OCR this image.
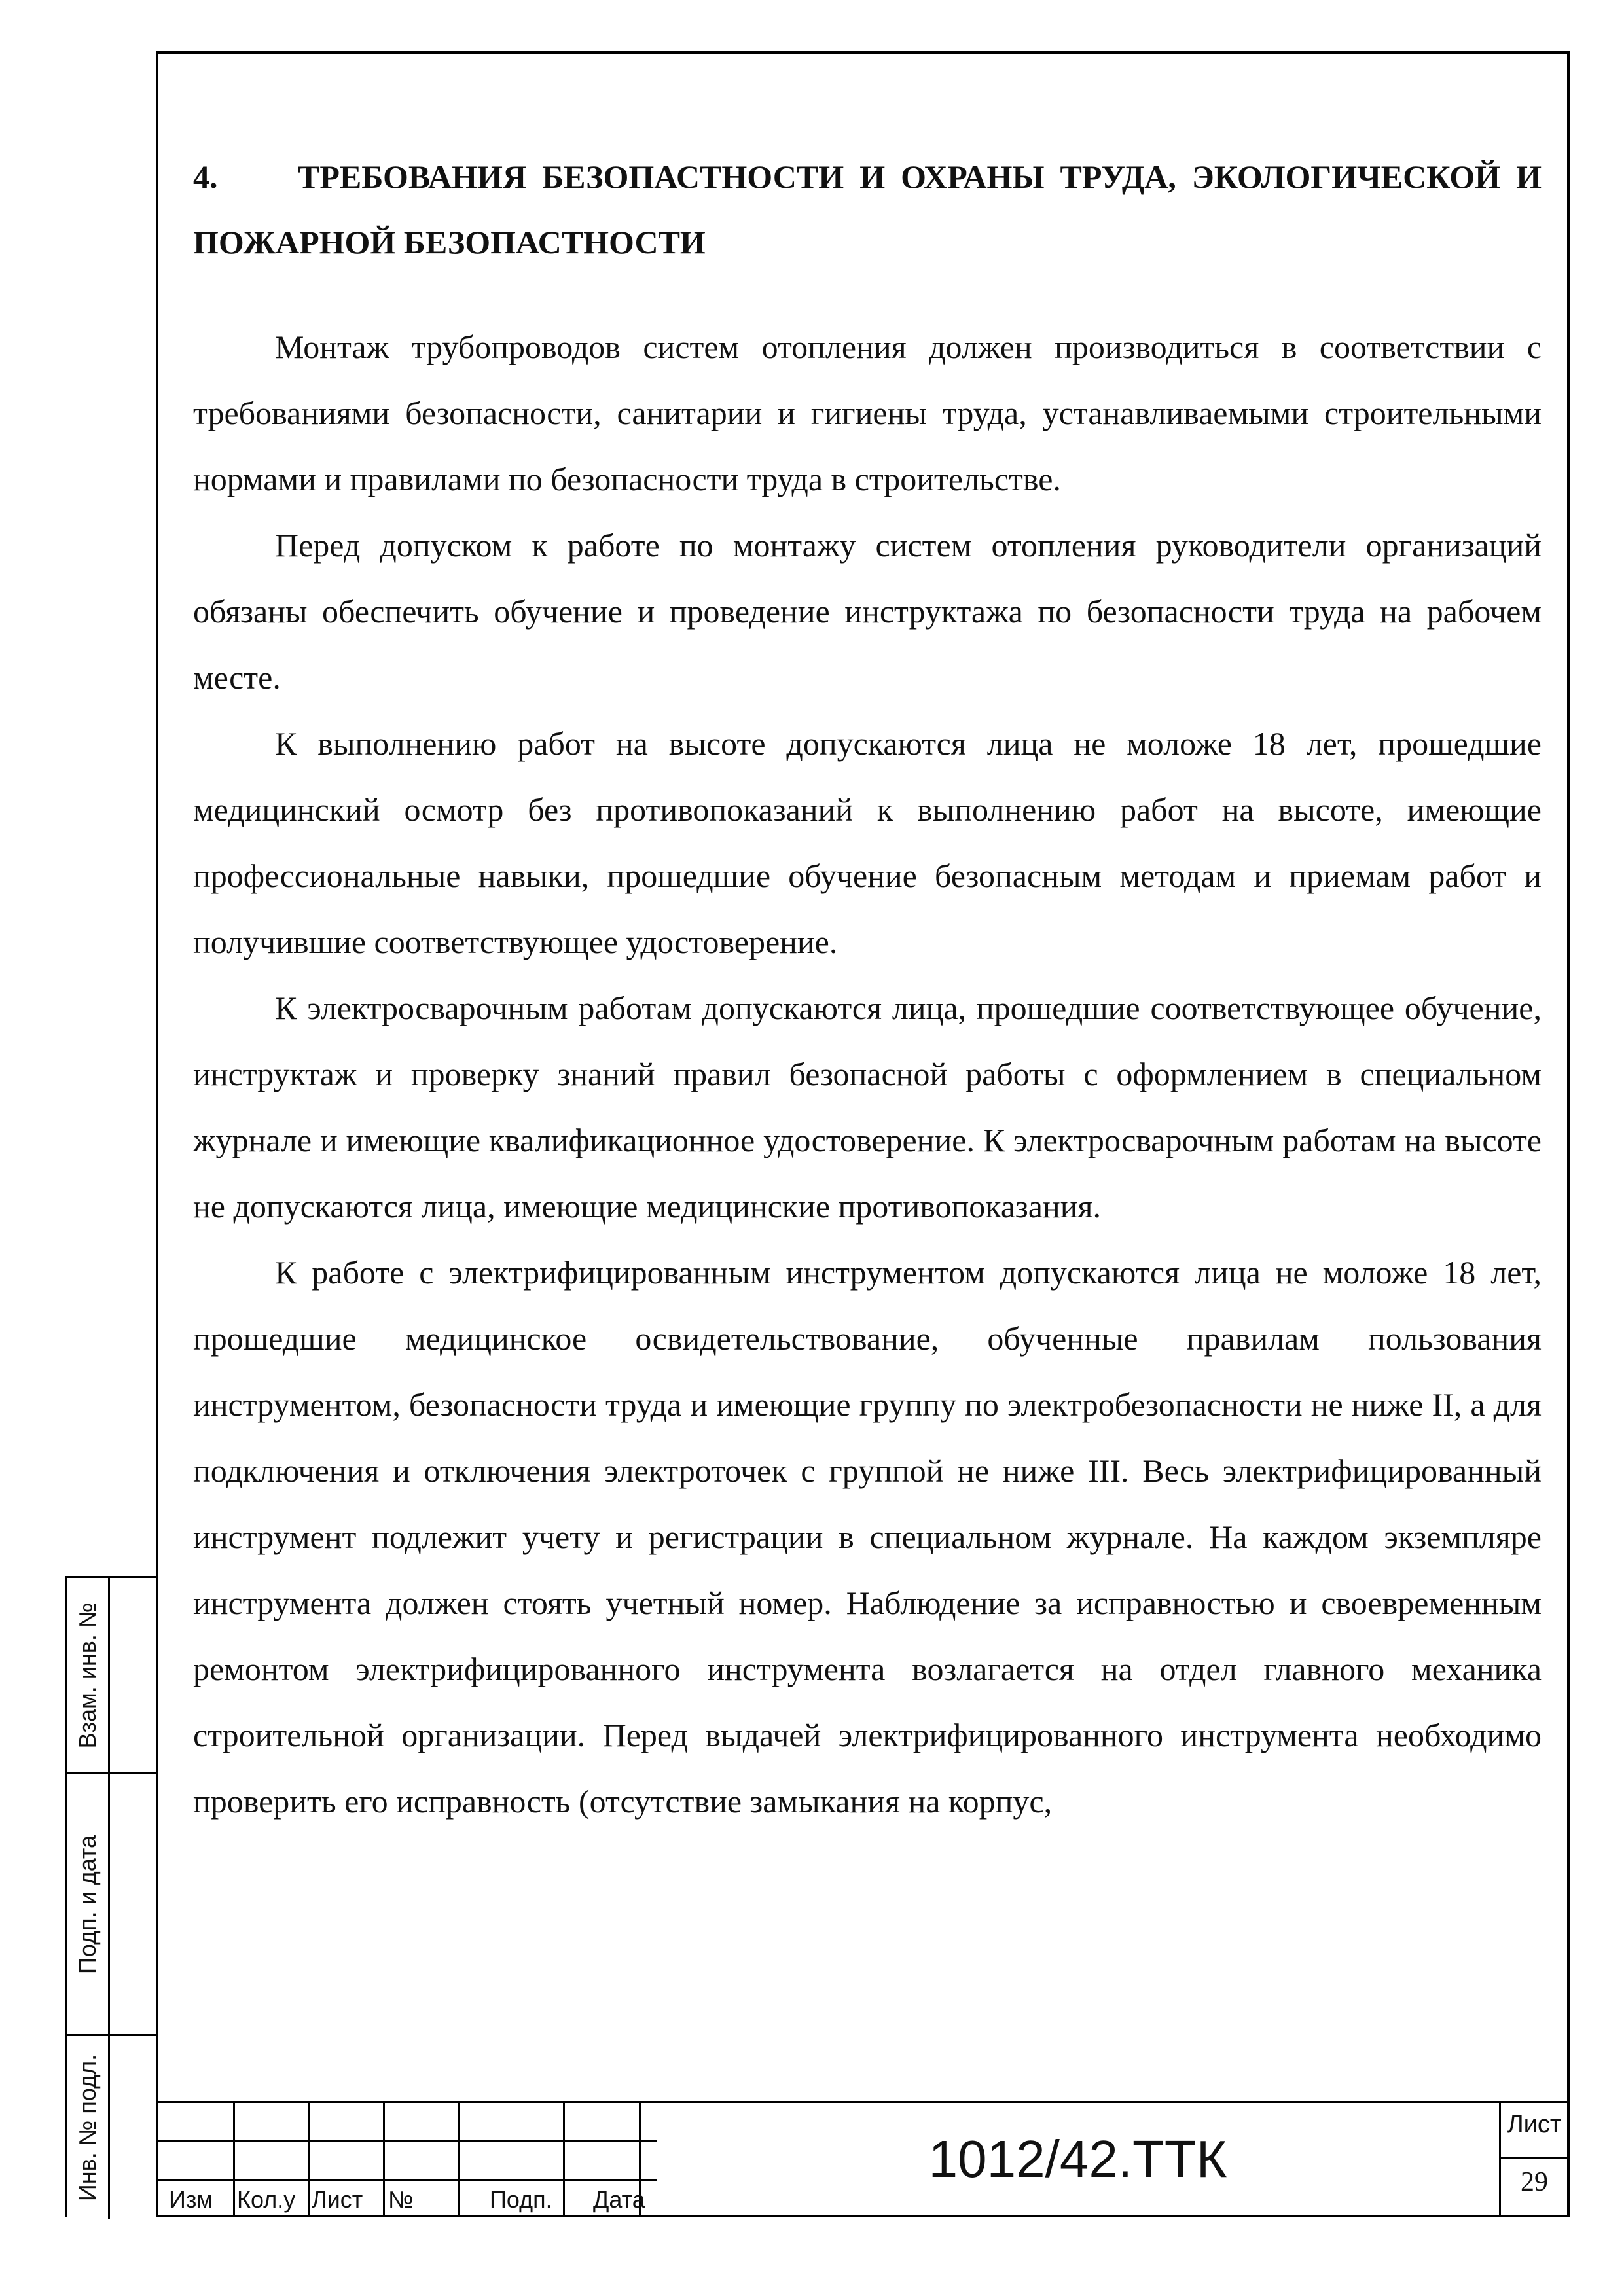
4. ТРЕБОВАНИЯ БЕЗОПАСТНОСТИ И ОХРАНЫ ТРУДА, ЭКОЛОГИЧЕСКОЙ И ПОЖАРНОЙ БЕЗОПАСТНОСТИ

Монтаж трубопроводов систем отопления должен производиться в соответствии с требованиями безопасности, санитарии и гигиены труда, устанавливаемыми строительными нормами и правилами по безопасности труда в строительстве.

Перед допуском к работе по монтажу систем отопления руководители организаций обязаны обеспечить обучение и проведение инструктажа по безопасности труда на рабочем месте.

К выполнению работ на высоте допускаются лица не моложе 18 лет, прошедшие медицинский осмотр без противопоказаний к выполнению работ на высоте, имеющие профессиональные навыки, прошедшие обучение безопасным методам и приемам работ и получившие соответствующее удостоверение.

К электросварочным работам допускаются лица, прошедшие соответствующее обучение, инструктаж и проверку знаний правил безопасной работы с оформлением в специальном журнале и имеющие квалификационное удостоверение. К электросварочным работам на высоте не допускаются лица, имеющие медицинские противопоказания.

К работе с электрифицированным инструментом допускаются лица не моложе 18 лет, прошедшие медицинское освидетельствование, обученные правилам пользования инструментом, безопасности труда и имеющие группу по электробезопасности не ниже II, а для подключения и отключения электроточек с группой не ниже III. Весь электрифицированный инструмент подлежит учету и регистрации в специальном журнале. На каждом экземпляре инструмента должен стоять учетный номер. Наблюдение за исправностью и своевременным ремонтом электрифицированного инструмента возлагается на отдел главного механика строительной организации. Перед выдачей электрифицированного инструмента необходимо проверить его исправность (отсутствие замыкания на корпус,

Взам. инв. №
Подп. и дата
Инв. № подл.	Изм Кол.у Лист №	Подп. Дата
1012/42.ТТК
Лист
29
